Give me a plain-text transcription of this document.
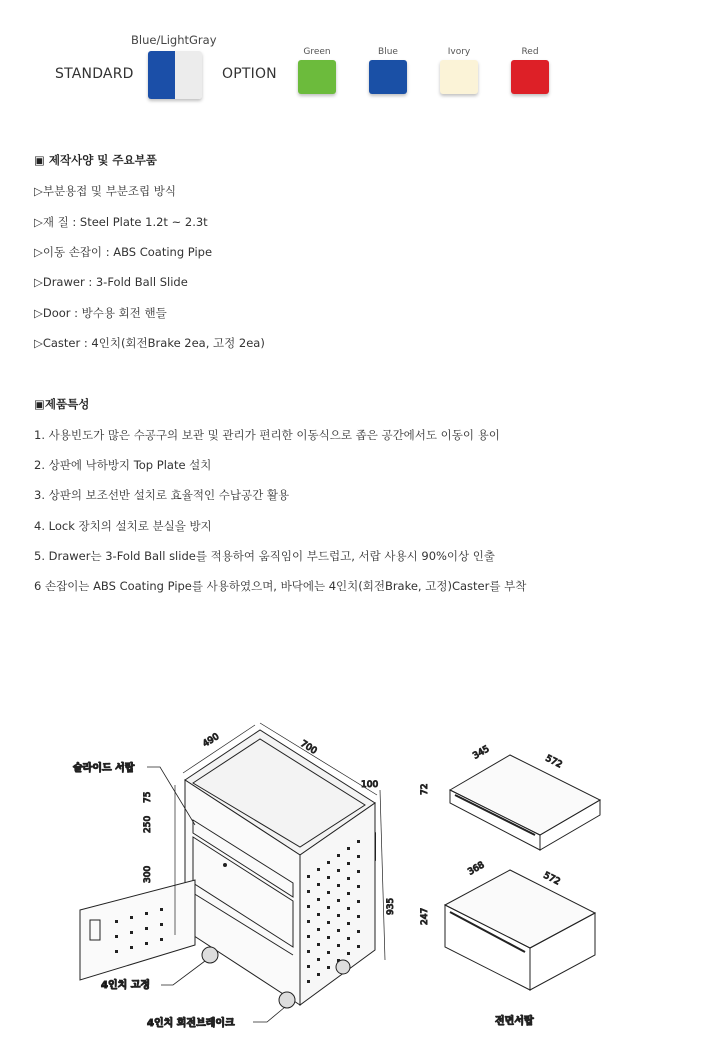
STANDARD
Blue/LightGray
OPTION
Green	Blue	Ivory	Red
▣ 제작사양 및 주요부품
▷부분용접 및 부분조립 방식
▷재 질 : Steel Plate 1.2t ~ 2.3t
▷이동 손잡이 : ABS Coating Pipe
▷Drawer : 3-Fold Ball Slide
▷Door : 방수용 회전 핸들
▷Caster : 4인치(회전Brake 2ea, 고정 2ea)
▣제품특성
1. 사용빈도가 많은 수공구의 보관 및 관리가 편리한 이동식으로 좁은 공간에서도 이동이 용이
2. 상판에 낙하방지 Top Plate 설치
3. 상판의 보조선반 설치로 효율적인 수납공간 활용
4. Lock 장치의 설치로 분실을 방지
5. Drawer는 3-Fold Ball slide를 적용하여 움직임이 부드럽고, 서랍 사용시 90%이상 인출
6 손잡이는 ABS Coating Pipe를 사용하였으며, 바닥에는 4인치(회전Brake, 고정)Caster를 부착
490	700
100
75
250
300
935
슬라이드 서랍
4인치 고정
4인치 회전브레이크
345
572
72
368
572
247
전면서랍
